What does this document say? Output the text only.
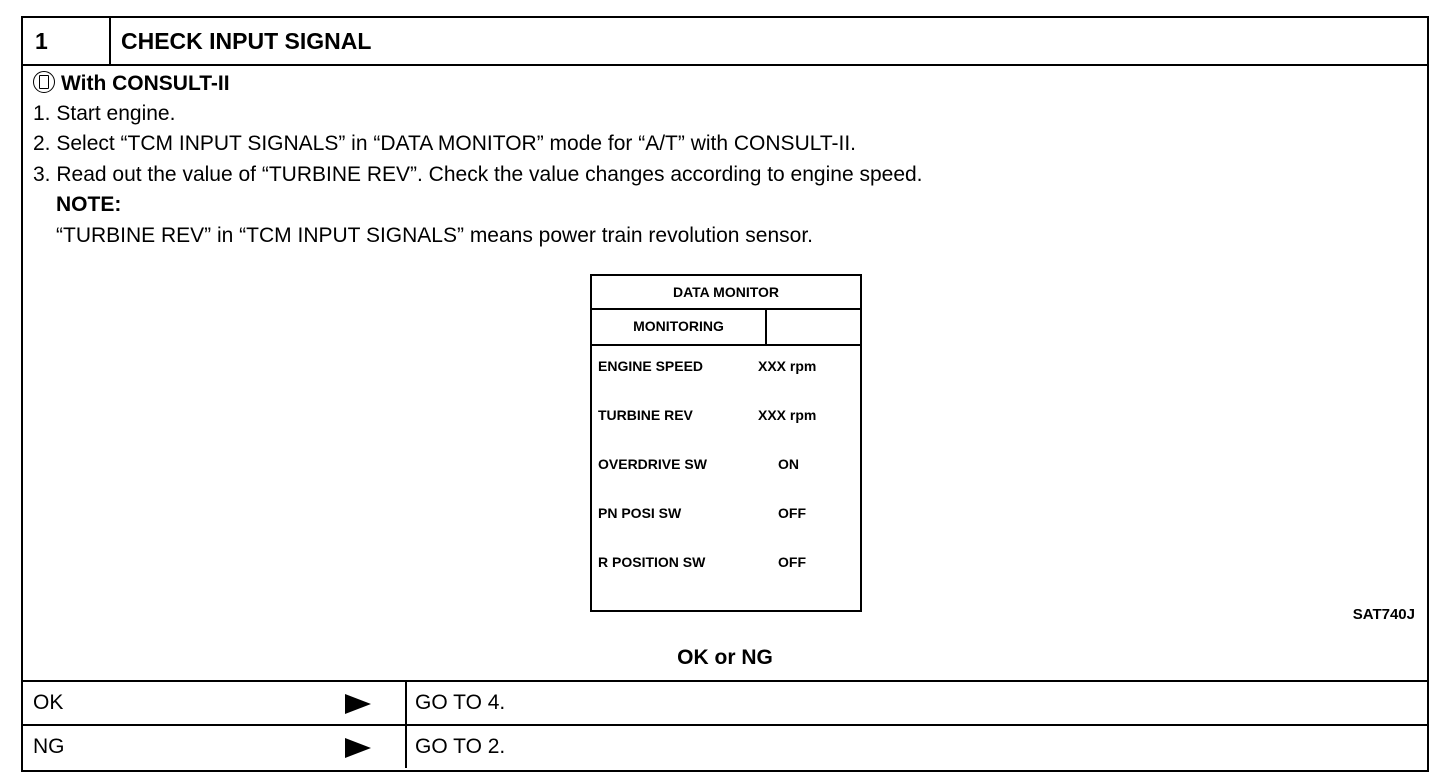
1	CHECK INPUT SIGNAL
With CONSULT-II
1. Start engine.
2. Select “TCM INPUT SIGNALS” in “DATA MONITOR” mode for “A/T” with CONSULT-II.
3. Read out the value of “TURBINE REV”. Check the value changes according to engine speed.
NOTE:
“TURBINE REV” in “TCM INPUT SIGNALS” means power train revolution sensor.
DATA MONITOR
MONITORING
ENGINE SPEED	XXX rpm
TURBINE REV	XXX rpm
OVERDRIVE SW	ON
PN POSI SW	OFF
R POSITION SW	OFF
SAT740J
OK or NG
OK	GO TO 4.
NG	GO TO 2.
